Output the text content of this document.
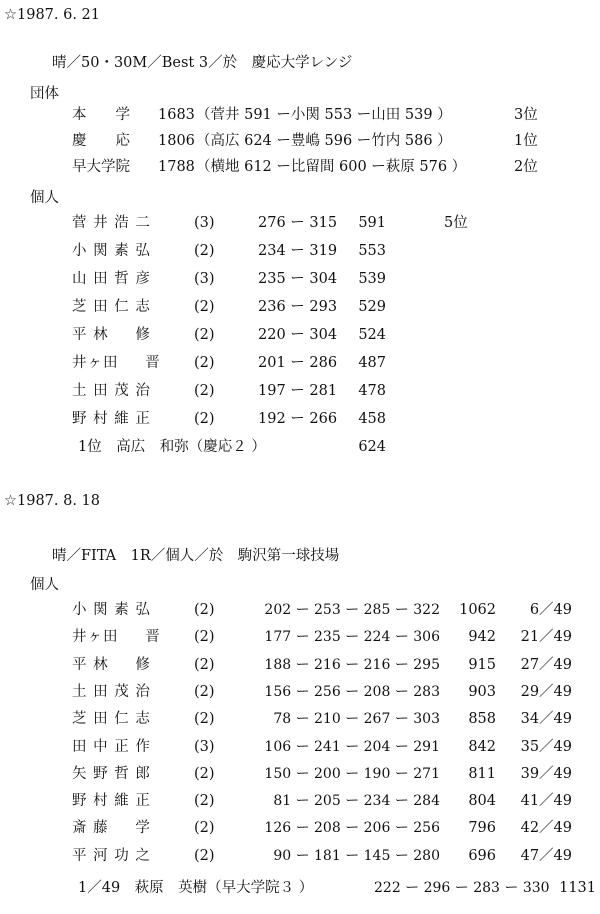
☆1987. 6. 21
晴／50・30M／Best 3／於　慶応大学レンジ
団体
本　　学 1683 （菅井 591 ー小関 553 ー山田 539 ）	3位
慶　　応 1806 （高広 624 ー豊嶋 596 ー竹内 586 ）	1位
早大学院 1788 （横地 612 ー比留間 600 ー萩原 576 ）	2位
個人
菅 井 浩 二	(3)	276 ー 315	591	5位
小 関 素 弘	(2)	234 ー 319	553
山 田 哲 彦	(3)	235 ー 304	539
芝 田 仁 志	(2)	236 ー 293	529
平 林 　 修	(2)	220 ー 304	524
井ヶ田 　 晋 (2)	201 ー 286	487
土 田 茂 治	(2)	197 ー 281	478
野 村 維 正	(2)	192 ー 266	458
1位　高広　和弥（慶応２ ）	624
☆1987. 8. 18
晴／FITA　1R／個人／於　駒沢第一球技場
個人
小 関 素 弘	(2)	202 ー 253 ー 285 ー 322	1062	6／49
井ヶ田 　 晋 (2)	177 ー 235 ー 224 ー 306	942	21／49
平 林 　 修	(2)	188 ー 216 ー 216 ー 295	915	27／49
土 田 茂 治	(2)	156 ー 256 ー 208 ー 283	903	29／49
芝 田 仁 志	(2)	78 ー 210 ー 267 ー 303	858	34／49
田 中 正 作	(3)	106 ー 241 ー 204 ー 291	842	35／49
矢 野 哲 郎	(2)	150 ー 200 ー 190 ー 271	811	39／49
野 村 維 正	(2)	81 ー 205 ー 234 ー 284	804	41／49
斎 藤 　 学	(2)	126 ー 208 ー 206 ー 256	796	42／49
平 河 功 之	(2)	90 ー 181 ー 145 ー 280	696	47／49
1／49　萩原　英樹（早大学院３ ）	222 ー 296 ー 283 ー 330 1131
